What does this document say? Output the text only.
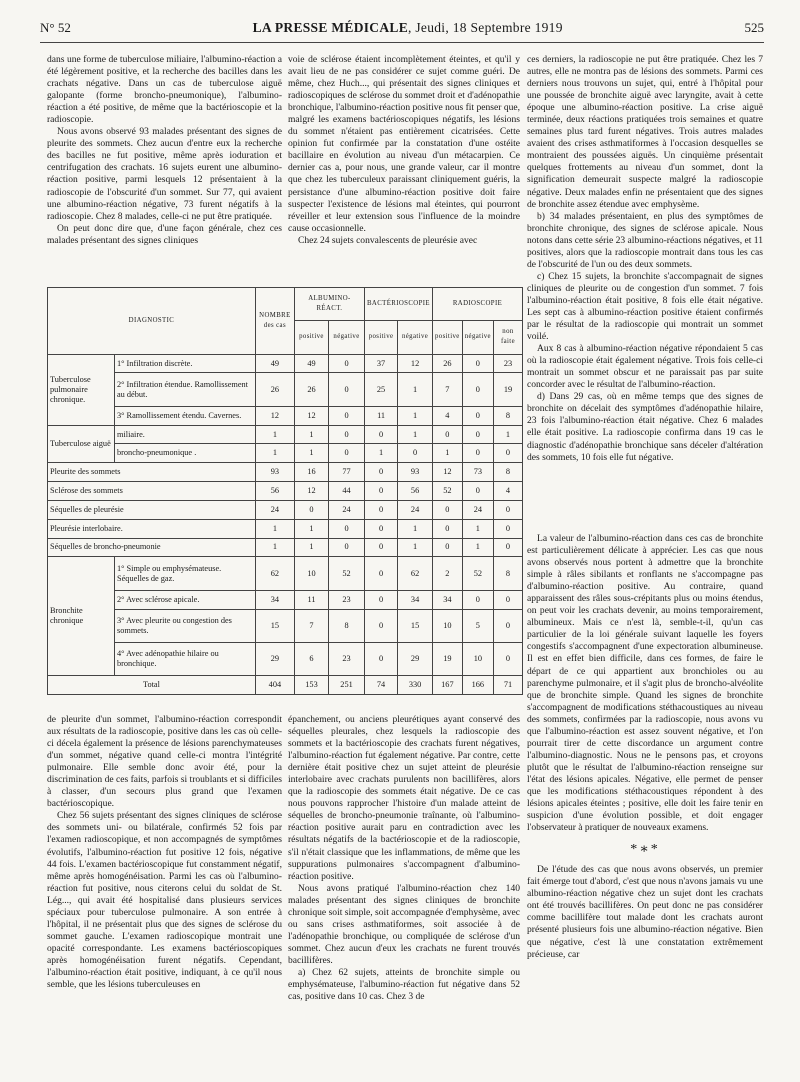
N° 52	LA PRESSE MÉDICALE, Jeudi, 18 Septembre 1919	525

dans une forme de tuberculose miliaire, l'albumino-réaction a été légèrement positive, et la recherche des bacilles dans les crachats négative. Dans un cas de tuberculose aiguë galopante (forme broncho-pneumonique), l'albumino-réaction a été positive, de même que la bactérioscopie et la radioscopie.

Nous avons observé 93 malades présentant des signes de pleurite des sommets. Chez aucun d'entre eux la recherche des bacilles ne fut positive, même après ioduration et centrifugation des crachats. 16 sujets eurent une albumino-réaction positive, parmi lesquels 12 présentaient à la radioscopie de l'obscurité d'un sommet. Sur 77, qui avaient une albumino-réaction négative, 73 furent négatifs à la radioscopie. Chez 8 malades, celle-ci ne put être pratiquée.

On peut donc dire que, d'une façon générale, chez ces malades présentant des signes cliniques

voie de sclérose étaient incomplètement éteintes, et qu'il y avait lieu de ne pas considérer ce sujet comme guéri. De même, chez Huch..., qui présentait des signes cliniques et radioscopiques de sclérose du sommet droit et d'adénopathie bronchique, l'albumino-réaction positive nous fit penser que, malgré les examens bactérioscopiques négatifs, les lésions du sommet n'étaient pas entièrement cicatrisées. Cette opinion fut confirmée par la constatation d'une ostéite bacillaire en évolution au niveau d'un métacarpien. Ce dernier cas a, pour nous, une grande valeur, car il montre que chez les tuberculeux paraissant cliniquement guéris, la persistance d'une albumino-réaction positive doit faire suspecter l'existence de lésions mal éteintes, qui pourront réveiller et leur extension sous l'influence de la moindre cause occasionnelle.

Chez 24 sujets convalescents de pleurésie avec

ces derniers, la radioscopie ne put être pratiquée. Chez les 7 autres, elle ne montra pas de lésions des sommets. Parmi ces derniers nous trouvons un sujet, qui, entré à l'hôpital pour une poussée de bronchite aiguë avec laryngite, avait à cette époque une albumino-réaction positive. La crise aiguë terminée, deux réactions pratiquées trois semaines et quatre semaines plus tard furent négatives. Trois autres malades avaient des crises asthmatiformes à l'occasion desquelles se montraient des poussées aiguës. Un cinquième présentait quelques frottements au niveau d'un sommet, dont la signification demeurait suspecte malgré la radioscopie négative. Deux malades enfin ne présentaient que des signes de bronchite assez étendue avec emphysème.

b) 34 malades présentaient, en plus des symptômes de bronchite chronique, des signes de sclérose apicale. Nous notons dans cette série 23 albumino-réactions négatives, et 11 positives, alors que la radioscopie montrait dans tous les cas de l'obscurité de l'un ou des deux sommets.

c) Chez 15 sujets, la bronchite s'accompagnait de signes cliniques de pleurite ou de congestion d'un sommet. 7 fois l'albumino-réaction était positive, 8 fois elle était négative. Les sept cas à albumino-réaction positive étaient confirmés par le résultat de la radioscopie qui montrait un sommet voilé.

Aux 8 cas à albumino-réaction négative répondaient 5 cas où la radioscopie était également négative. Trois fois celle-ci montrait un sommet obscur et ne paraissait pas par suite concorder avec le résultat de l'albumino-réaction.

d) Dans 29 cas, où en même temps que des signes de bronchite on décelait des symptômes d'adénopathie hilaire, 23 fois l'albumino-réaction était négative. Chez 6 malades elle était positive. La radioscopie confirma dans 19 cas le diagnostic d'adénopathie bronchique sans déceler d'altération des sommets, 10 fois elle fut négative.

DIAGNOSTIC		NOMBRE des cas	ALBUMINO-RÉACT.		BACTÉRIOSCOPIE		RADIOSCOPIE		
			positive	négative	positive	négative	positive	négative	non faite
Tuberculose pulmonaire chronique.	1° Infiltration discrète.	49	49	0	37	12	26	0	23
	2° Infiltration étendue. Ramollissement au début.	26	26	0	25	1	7	0	19
	3° Ramollissement étendu. Cavernes.	12	12	0	11	1	4	0	8
Tuberculose aiguë	miliaire.	1	1	0	0	1	0	0	1
	broncho-pneumonique .	1	1	0	1	0	1	0	0
Pleurite des sommets		93	16	77	0	93	12	73	8
Sclérose des sommets		56	12	44	0	56	52	0	4
Séquelles de pleurésie		24	0	24	0	24	0	24	0
Pleurésie interlobaire.		1	1	0	0	1	0	1	0
Séquelles de broncho-pneumonie		1	1	0	0	1	0	1	0
Bronchite chronique	1° Simple ou emphysémateuse. Séquelles de gaz.	62	10	52	0	62	2	52	8
	2° Avec sclérose apicale.	34	11	23	0	34	34	0	0
	3° Avec pleurite ou congestion des sommets.	15	7	8	0	15	10	5	0
	4° Avec adénopathie hilaire ou bronchique.	29	6	23	0	29	19	10	0
Total		404	153	251	74	330	167	166	71

de pleurite d'un sommet, l'albumino-réaction correspondit aux résultats de la radioscopie, positive dans les cas où celle-ci décela également la présence de lésions parenchymateuses d'un sommet, négative quand celle-ci montra l'intégrité pulmonaire. Elle semble donc avoir été, pour la discrimination de ces faits, parfois si troublants et si difficiles à classer, d'un secours plus grand que l'examen bactérioscopique.

Chez 56 sujets présentant des signes cliniques de sclérose des sommets uni- ou bilatérale, confirmés 52 fois par l'examen radioscopique, et non accompagnés de symptômes évolutifs, l'albumino-réaction fut positive 12 fois, négative 44 fois. L'examen bactérioscopique fut constamment négatif, même après homogénéisation. Parmi les cas où l'albumino-réaction fut positive, nous citerons celui du soldat de St. Lég..., qui avait été hospitalisé dans plusieurs services spéciaux pour tuberculose pulmonaire. A son entrée à l'hôpital, il ne présentait plus que des signes de sclérose du sommet gauche. L'examen radioscopique montrait une opacité correspondante. Les examens bactérioscopiques après homogénéisation furent négatifs. Cependant, l'albumino-réaction était positive, indiquant, à ce qu'il nous semble, que les lésions tuberculeuses en

épanchement, ou anciens pleurétiques ayant conservé des séquelles pleurales, chez lesquels la radioscopie des sommets et la bactérioscopie des crachats furent négatives, l'albumino-réaction fut également négative. Par contre, cette dernière était positive chez un sujet atteint de pleurésie interlobaire avec crachats purulents non bacillifères, alors que la radioscopie des sommets était négative. De ce cas nous pouvons rapprocher l'histoire d'un malade atteint de séquelles de broncho-pneumonie traînante, où l'albumino-réaction positive aurait paru en contradiction avec les résultats négatifs de la bactérioscopie et de la radioscopie, s'il n'était classique que les inflammations, de même que les suppurations pulmonaires s'accompagnent d'albumino-réaction positive.

Nous avons pratiqué l'albumino-réaction chez 140 malades présentant des signes cliniques de bronchite chronique soit simple, soit accompagnée d'emphysème, avec ou sans crises asthmatiformes, soit associée à de l'adénopathie bronchique, ou compliquée de sclérose d'un sommet. Chez aucun d'eux les crachats ne furent trouvés bacillifères.

a) Chez 62 sujets, atteints de bronchite simple ou emphysémateuse, l'albumino-réaction fut négative dans 52 cas, positive dans 10 cas. Chez 3 de

La valeur de l'albumino-réaction dans ces cas de bronchite est particulièrement délicate à apprécier. Les cas que nous avons observés nous portent à admettre que la bronchite simple à râles sibilants et ronflants ne s'accompagne pas d'albumino-réaction positive. Au contraire, quand apparaissent des râles sous-crépitants plus ou moins étendus, on peut voir les crachats devenir, au moins temporairement, albumineux. Mais ce n'est là, semble-t-il, qu'un cas particulier de la loi générale suivant laquelle les foyers congestifs s'accompagnent d'une expectoration albumineuse. Il est en effet bien difficile, dans ces formes, de faire le départ de ce qui appartient aux bronchioles ou au parenchyme pulmonaire, et il s'agit plus de broncho-alvéolite que de bronchite simple. Quand les signes de bronchite s'accompagnent de modifications stéthacoustiques au niveau des sommets, confirmées par la radioscopie, nous avons vu que l'albumino-réaction est assez souvent négative, et l'on pourrait tirer de cette discordance un argument contre l'albumino-diagnostic. Nous ne le pensons pas, et croyons plutôt que le résultat de l'albumino-réaction renseigne sur l'état des lésions apicales. Négative, elle permet de penser que les modifications stéthacoustiques répondent à des lésions apicales éteintes ; positive, elle doit les faire tenir en suspicion d'une évolution possible, et doit engager l'observateur à pratiquer de nouveaux examens.

*∗*

De l'étude des cas que nous avons observés, un premier fait émerge tout d'abord, c'est que nous n'avons jamais vu une albumino-réaction négative chez un sujet dont les crachats ont été trouvés bacillifères. On peut donc ne pas considérer comme bacillifère tout malade dont les crachats auront présenté plusieurs fois une albumino-réaction négative. Bien que négative, c'est là une constatation extrêmement précieuse, car
